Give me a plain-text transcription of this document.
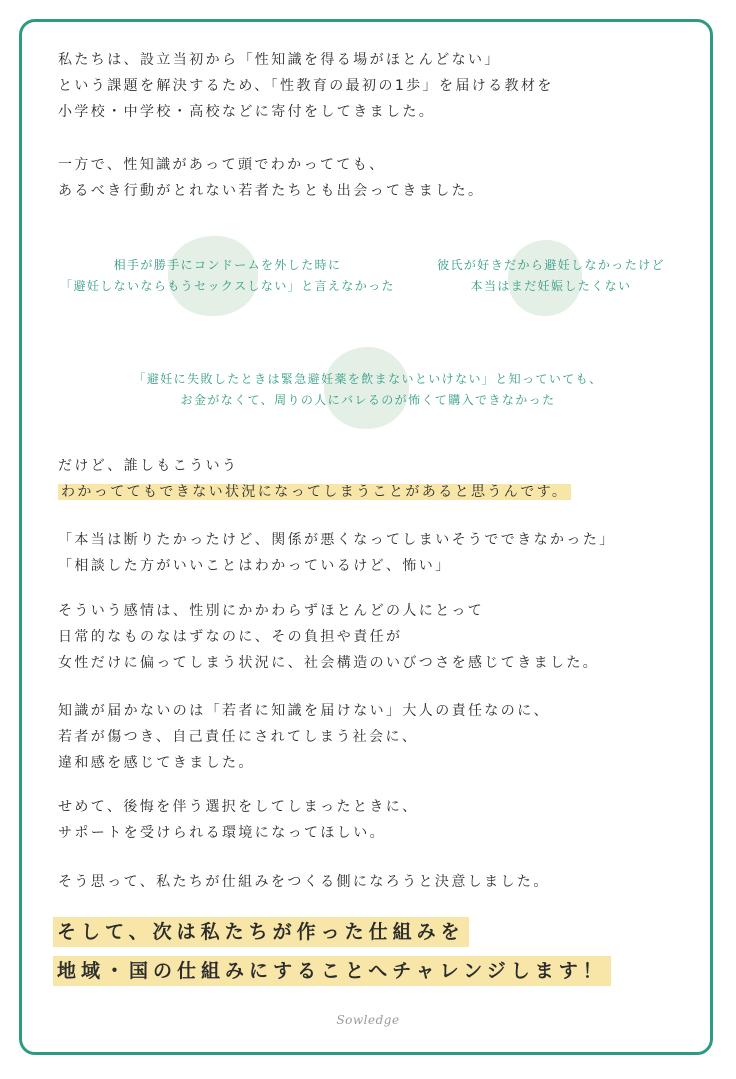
私たちは、設立当初から「性知識を得る場がほとんどない」
という課題を解決するため、「性教育の最初の1歩」を届ける教材を
小学校・中学校・高校などに寄付をしてきました。
一方で、性知識があって頭でわかってても、
あるべき行動がとれない若者たちとも出会ってきました。
相手が勝手にコンドームを外した時に
「避妊しないならもうセックスしない」と言えなかった
彼氏が好きだから避妊しなかったけど
本当はまだ妊娠したくない
「避妊に失敗したときは緊急避妊薬を飲まないといけない」と知っていても、
お金がなくて、周りの人にバレるのが怖くて購入できなかった
だけど、誰しもこういう
わかっててもできない状況になってしまうことがあると思うんです。
「本当は断りたかったけど、関係が悪くなってしまいそうでできなかった」
「相談した方がいいことはわかっているけど、怖い」
そういう感情は、性別にかかわらずほとんどの人にとって
日常的なものなはずなのに、その負担や責任が
女性だけに偏ってしまう状況に、社会構造のいびつさを感じてきました。
知識が届かないのは「若者に知識を届けない」大人の責任なのに、
若者が傷つき、自己責任にされてしまう社会に、
違和感を感じてきました。
せめて、後悔を伴う選択をしてしまったときに、
サポートを受けられる環境になってほしい。
そう思って、私たちが仕組みをつくる側になろうと決意しました。
そして、次は私たちが作った仕組みを
地域・国の仕組みにすることへチャレンジします！
Sowledge
